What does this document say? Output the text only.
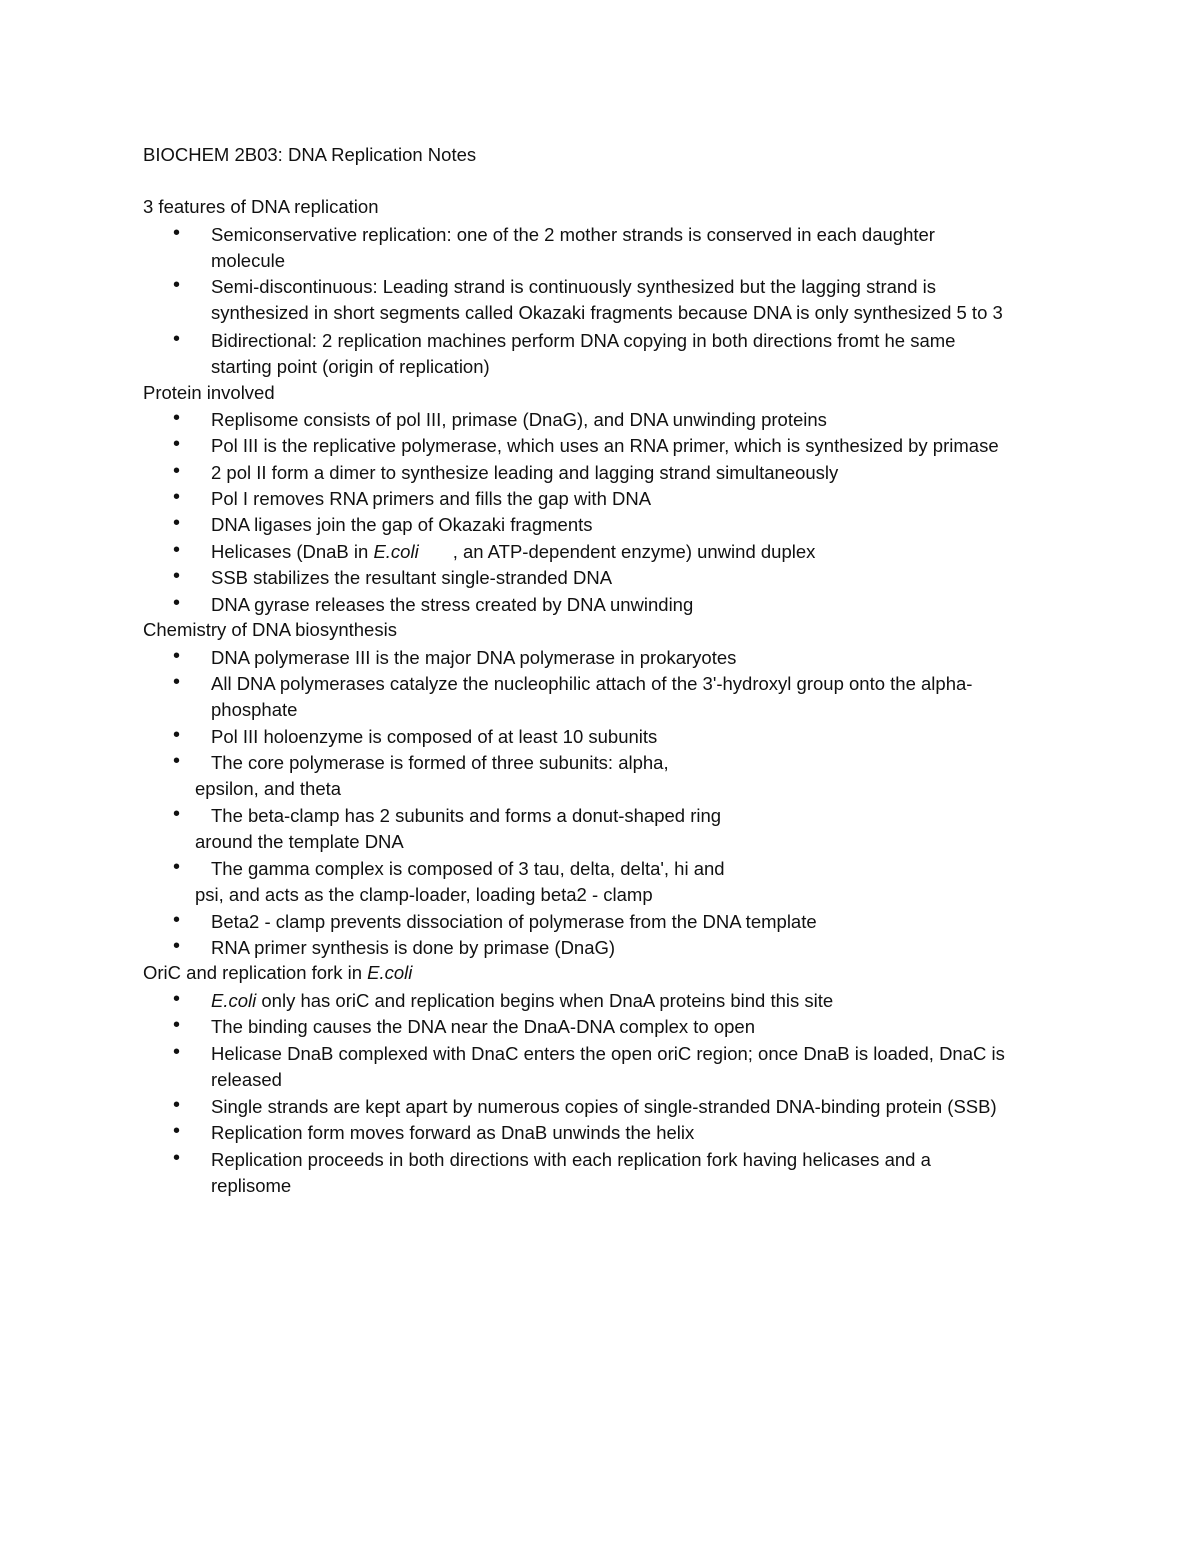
BIOCHEM 2B03: DNA Replication Notes
3 features of DNA replication
• Semiconservative replication: one of the 2 mother strands is conserved in each daughter
molecule
• Semi-discontinuous: Leading strand is continuously synthesized but the lagging strand is
synthesized in short segments called Okazaki fragments because DNA is only synthesized 5 to 3
• Bidirectional: 2 replication machines perform DNA copying in both directions fromt he same
starting point (origin of replication)
Protein involved
• Replisome consists of pol III, primase (DnaG), and DNA unwinding proteins
• Pol III is the replicative polymerase, which uses an RNA primer, which is synthesized by primase
• 2 pol II form a dimer to synthesize leading and lagging strand simultaneously
• Pol I removes RNA primers and fills the gap with DNA
• DNA ligases join the gap of Okazaki fragments
• Helicases (DnaB in E.coli , an ATP-dependent enzyme) unwind duplex
• SSB stabilizes the resultant single-stranded DNA
• DNA gyrase releases the stress created by DNA unwinding
Chemistry of DNA biosynthesis
• DNA polymerase III is the major DNA polymerase in prokaryotes
• All DNA polymerases catalyze the nucleophilic attach of the 3'-hydroxyl group onto the alpha-
phosphate
• Pol III holoenzyme is composed of at least 10 subunits
• The core polymerase is formed of three subunits: alpha,
epsilon, and theta
• The beta-clamp has 2 subunits and forms a donut-shaped ring
around the template DNA
• The gamma complex is composed of 3 tau, delta, delta', hi and
psi, and acts as the clamp-loader, loading beta2 - clamp
• Beta2 - clamp prevents dissociation of polymerase from the DNA template
• RNA primer synthesis is done by primase (DnaG)
OriC and replication fork in E.coli
• E.coli only has oriC and replication begins when DnaA proteins bind this site
• The binding causes the DNA near the DnaA-DNA complex to open
• Helicase DnaB complexed with DnaC enters the open oriC region; once DnaB is loaded, DnaC is
released
• Single strands are kept apart by numerous copies of single-stranded DNA-binding protein (SSB)
• Replication form moves forward as DnaB unwinds the helix
• Replication proceeds in both directions with each replication fork having helicases and a
replisome
